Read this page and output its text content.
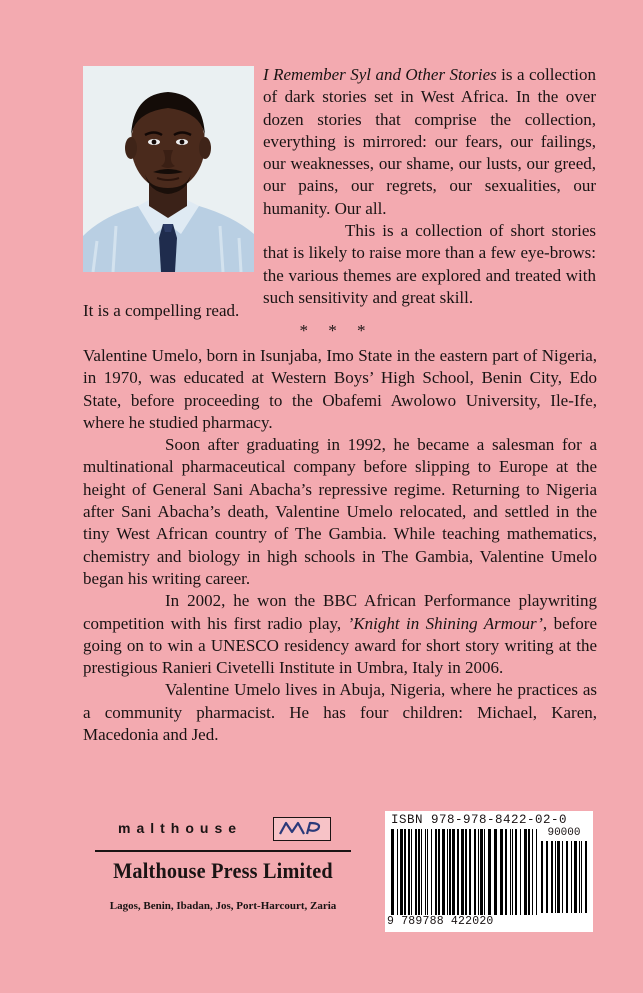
I Remember Syl and Other Stories is a collection of dark stories set in West Africa. In the over dozen stories that comprise the collection, everything is mirrored: our fears, our failings, our weaknesses, our shame, our lusts, our greed, our pains, our regrets, our sexualities, our humanity. Our all.

This is a collection of short stories that is likely to raise more than a few eye-brows: the various themes are explored and treated with such sensitivity and great skill.

It is a compelling read.
* * *

Valentine Umelo, born in Isunjaba, Imo State in the eastern part of Nigeria, in 1970, was educated at Western Boys’ High School, Benin City, Edo State, before proceeding to the Obafemi Awolowo University, Ile-Ife, where he studied pharmacy.

Soon after graduating in 1992, he became a salesman for a multinational pharmaceutical company before slipping to Europe at the height of General Sani Abacha’s repressive regime. Returning to Nigeria after Sani Abacha’s death, Valentine Umelo relocated, and settled in the tiny West African country of The Gambia. While teaching mathematics, chemistry and biology in high schools in The Gambia, Valentine Umelo began his writing career.

In 2002, he won the BBC African Performance playwriting competition with his first radio play, ’Knight in Shining Armour’, before going on to win a UNESCO residency award for short story writing at the prestigious Ranieri Civetelli Institute in Umbra, Italy in 2006.

Valentine Umelo lives in Abuja, Nigeria, where he practices as a community pharmacist. He has four children: Michael, Karen, Macedonia and Jed.

malthouse
Malthouse Press Limited
Lagos, Benin, Ibadan, Jos, Port-Harcourt, Zaria
ISBN 978-978-8422-02-0
90000
9 789788 422020
